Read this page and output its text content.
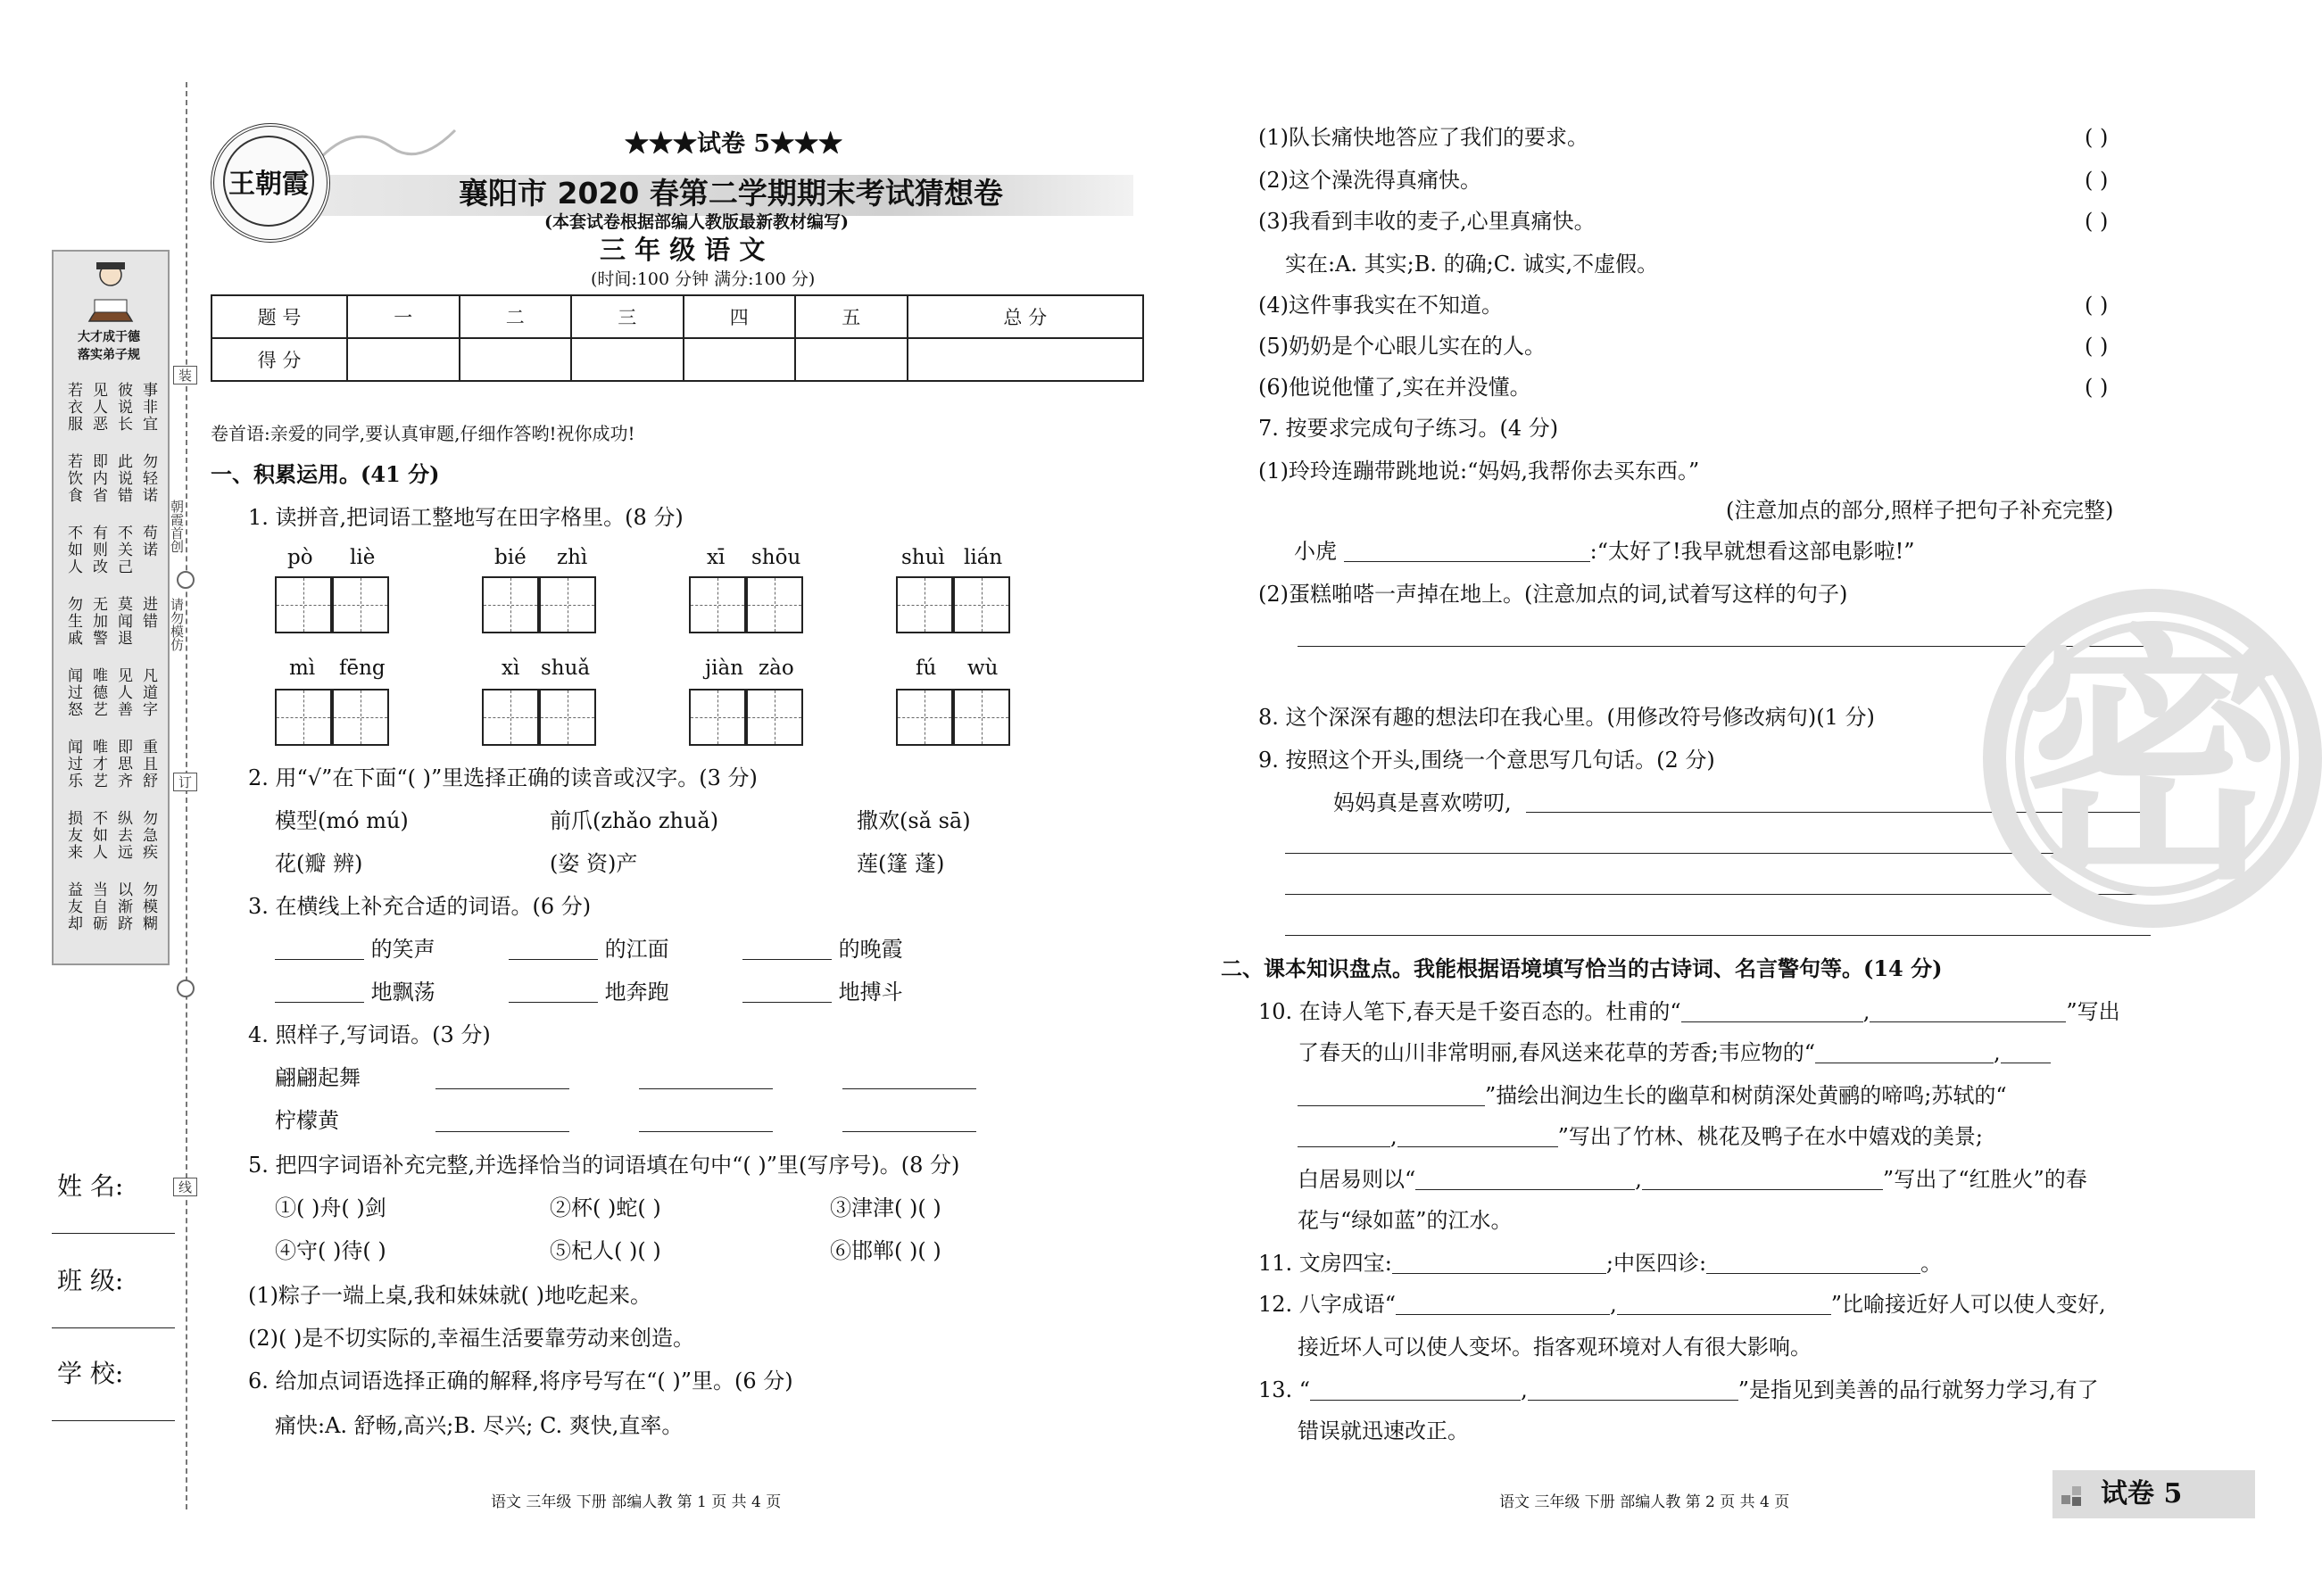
大才成于德
落实弟子规
若衣服 见人恶 彼说长 事非宜
若饮食 即内省 此说错 勿轻诺
不如人 有则改 不关己 苟诺
勿生戚 无加警 莫闻退 进错
闻过怒 唯德艺 见人善 凡道字
闻过乐 唯才艺 即思齐 重且舒
损友来 不如人 纵去远 勿急疾
益友却 当自砺 以渐跻 勿模糊
装
订
线
朝霞首创
请勿模仿
姓 名:
班 级:
学 校:
王朝霞
★★★试卷 5★★★
襄阳市 2020 春第二学期期末考试猜想卷
(本套试卷根据部编人教版最新教材编写)
三 年 级 语 文
(时间:100 分钟 满分:100 分)
题 号	一	二	三	四	五	总 分
得 分						
卷首语:亲爱的同学,要认真审题,仔细作答哟!祝你成功!
一、积累运用。(41 分)
1. 读拼音,把词语工整地写在田字格里。(8 分)
pò liè	bié zhì	xī shōu	shuì lián
mì fēng	xì shuǎ	jiàn zào	fú wù
2. 用“√”在下面“( )”里选择正确的读音或汉字。(3 分)
模型(mó mú)	前爪(zhǎo zhuǎ)	撒欢(sǎ sā)
花(瓣 辨)	(姿 资)产	莲(篷 蓬)
3. 在横线上补充合适的词语。(6 分)
的笑声	的江面	的晚霞
地飘荡	地奔跑	地搏斗
4. 照样子,写词语。(3 分)
翩翩起舞
柠檬黄
5. 把四字词语补充完整,并选择恰当的词语填在句中“( )”里(写序号)。(8 分)
①( )舟( )剑	②杯( )蛇( )	③津津( )( )
④守( )待( )	⑤杞人( )( )	⑥邯郸( )( )
(1)粽子一端上桌,我和妹妹就( )地吃起来。
(2)( )是不切实际的,幸福生活要靠劳动来创造。
6. 给加点词语选择正确的解释,将序号写在“( )”里。(6 分)
痛快:A. 舒畅,高兴;B. 尽兴; C. 爽快,直率。
(1)队长痛快地答应了我们的要求。	( )
(2)这个澡洗得真痛快。	( )
(3)我看到丰收的麦子,心里真痛快。	( )
实在:A. 其实;B. 的确;C. 诚实,不虚假。
(4)这件事我实在不知道。	( )
(5)奶奶是个心眼儿实在的人。	( )
(6)他说他懂了,实在并没懂。	( )
7. 按要求完成句子练习。(4 分)
(1)玲玲连蹦带跳地说:“妈妈,我帮你去买东西。”
(注意加点的部分,照样子把句子补充完整)
小虎	:“太好了!我早就想看这部电影啦!”
(2)蛋糕啪嗒一声掉在地上。(注意加点的词,试着写这样的句子)
8. 这个深深有趣的想法印在我心里。(用修改符号修改病句)(1 分)
9. 按照这个开头,围绕一个意思写几句话。(2 分)
妈妈真是喜欢唠叨, 密
二、课本知识盘点。我能根据语境填写恰当的古诗词、名言警句等。(14 分)
10. 在诗人笔下,春天是千姿百态的。杜甫的“	,	”写出
了春天的山川非常明丽,春风送来花草的芳香;韦应物的“	,
”描绘出涧边生长的幽草和树荫深处黄鹂的啼鸣;苏轼的“
,	”写出了竹林、桃花及鸭子在水中嬉戏的美景;
白居易则以“	,	”写出了“红胜火”的春
花与“绿如蓝”的江水。
11. 文房四宝:	;中医四诊:	。
12. 八字成语“	,	”比喻接近好人可以使人变好,
接近坏人可以使人变坏。指客观环境对人有很大影响。
13. “	,	”是指见到美善的品行就努力学习,有了
错误就迅速改正。
语文 三年级 下册 部编人教 第 1 页 共 4 页	语文 三年级 下册 部编人教 第 2 页 共 4 页	试卷 5
